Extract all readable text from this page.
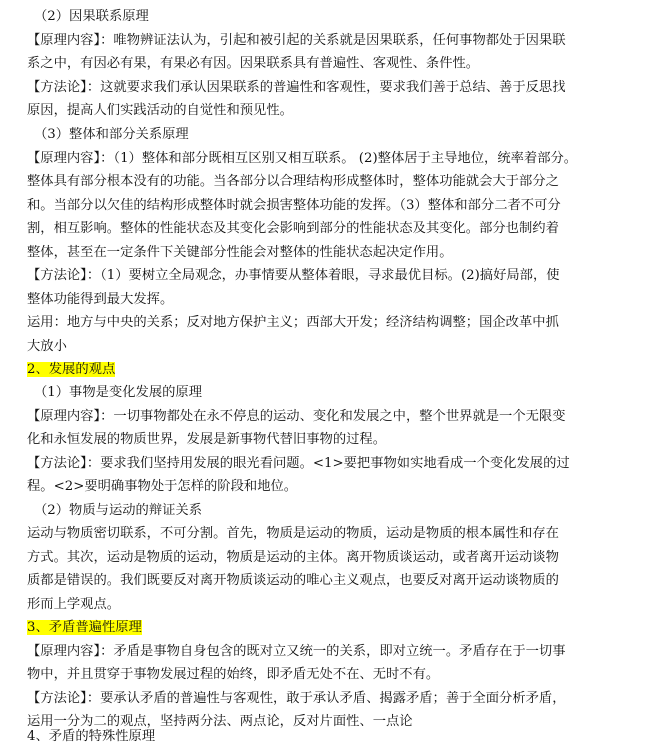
（2）因果联系原理
【原理内容】：唯物辨证法认为，引起和被引起的关系就是因果联系，任何事物都处于因果联
系之中，有因必有果，有果必有因。因果联系具有普遍性、客观性、条件性。
【方法论】：这就要求我们承认因果联系的普遍性和客观性，要求我们善于总结、善于反思找
原因，提高人们实践活动的自觉性和预见性。
（3）整体和部分关系原理
【原理内容】：（1）整体和部分既相互区别又相互联系。 (2)整体居于主导地位，统率着部分。
整体具有部分根本没有的功能。当各部分以合理结构形成整体时，整体功能就会大于部分之
和。当部分以欠佳的结构形成整体时就会损害整体功能的发挥。（3）整体和部分二者不可分
割，相互影响。整体的性能状态及其变化会影响到部分的性能状态及其变化。部分也制约着
整体，甚至在一定条件下关键部分性能会对整体的性能状态起决定作用。
【方法论】：（1）要树立全局观念，办事情要从整体着眼，寻求最优目标。(2)搞好局部，使
整体功能得到最大发挥。
运用：地方与中央的关系；反对地方保护主义；西部大开发；经济结构调整；国企改革中抓
大放小
2、发展的观点
（1）事物是变化发展的原理
【原理内容】：一切事物都处在永不停息的运动、变化和发展之中，整个世界就是一个无限变
化和永恒发展的物质世界，发展是新事物代替旧事物的过程。
【方法论】：要求我们坚持用发展的眼光看问题。<1>要把事物如实地看成一个变化发展的过
程。<2>要明确事物处于怎样的阶段和地位。
（2）物质与运动的辩证关系
运动与物质密切联系，不可分割。首先，物质是运动的物质，运动是物质的根本属性和存在
方式。其次，运动是物质的运动，物质是运动的主体。离开物质谈运动，或者离开运动谈物
质都是错误的。我们既要反对离开物质谈运动的唯心主义观点，也要反对离开运动谈物质的
形而上学观点。
3、矛盾普遍性原理
【原理内容】：矛盾是事物自身包含的既对立又统一的关系，即对立统一。矛盾存在于一切事
物中，并且贯穿于事物发展过程的始终，即矛盾无处不在、无时不有。
【方法论】：要承认矛盾的普遍性与客观性，敢于承认矛盾、揭露矛盾；善于全面分析矛盾，
运用一分为二的观点，坚持两分法、两点论，反对片面性、一点论
4、矛盾的特殊性原理
